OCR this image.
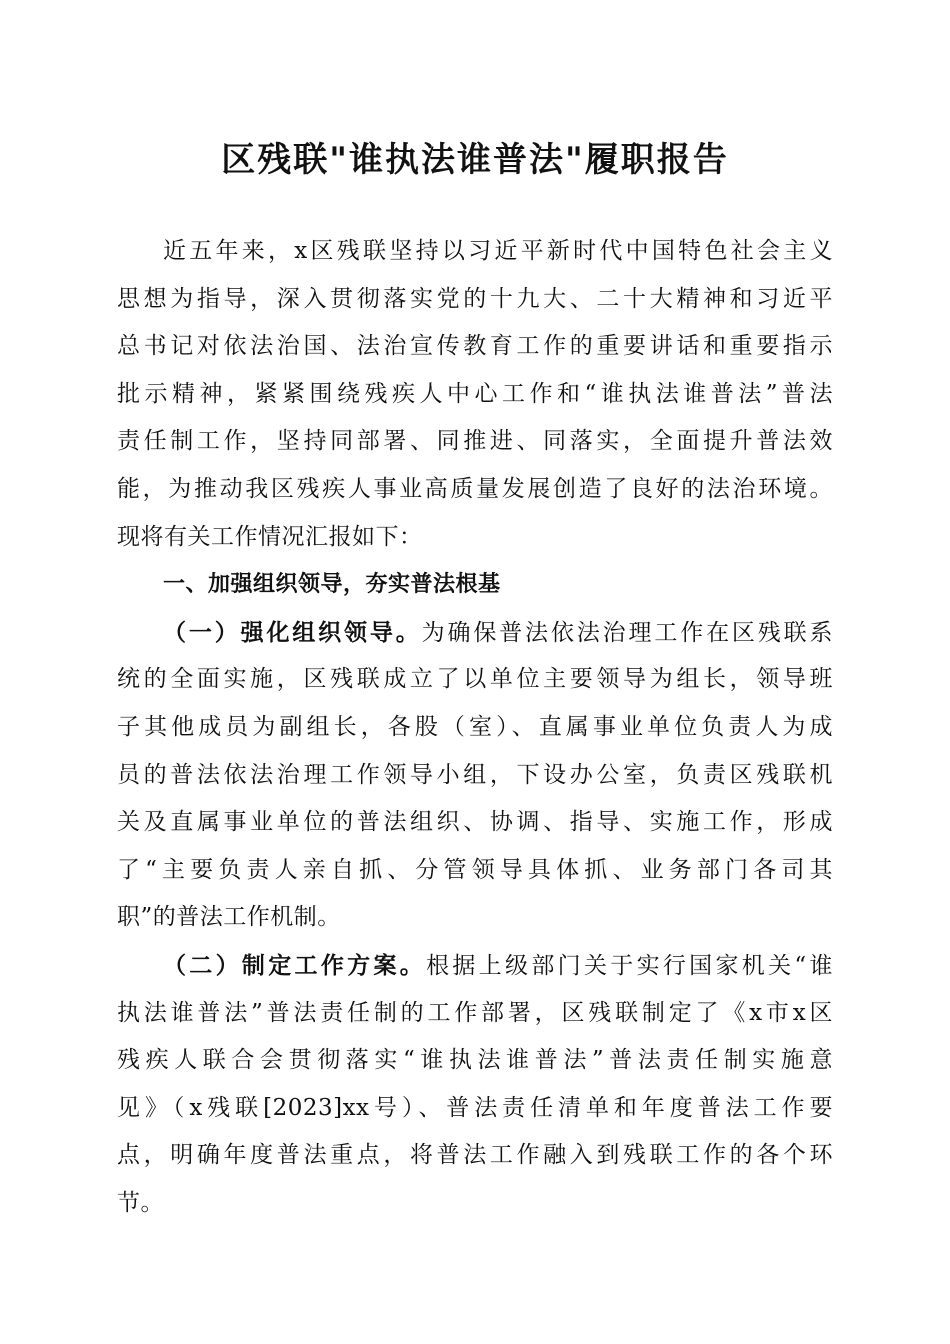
区残联"谁执法谁普法"履职报告
近五年来，x区残联坚持以习近平新时代中国特色社会主义
思想为指导，深入贯彻落实党的十九大、二十大精神和习近平
总书记对依法治国、法治宣传教育工作的重要讲话和重要指示
批示精神，紧紧围绕残疾人中心工作和“谁执法谁普法”普法
责任制工作，坚持同部署、同推进、同落实，全面提升普法效
能，为推动我区残疾人事业高质量发展创造了良好的法治环境。
现将有关工作情况汇报如下：
一、加强组织领导，夯实普法根基
（一）强化组织领导。为确保普法依法治理工作在区残联系
统的全面实施，区残联成立了以单位主要领导为组长，领导班
子其他成员为副组长，各股（室）、直属事业单位负责人为成
员的普法依法治理工作领导小组，下设办公室，负责区残联机
关及直属事业单位的普法组织、协调、指导、实施工作，形成
了“主要负责人亲自抓、分管领导具体抓、业务部门各司其
职”的普法工作机制。
（二）制定工作方案。根据上级部门关于实行国家机关“谁
执法谁普法”普法责任制的工作部署，区残联制定了《x市x区
残疾人联合会贯彻落实“谁执法谁普法”普法责任制实施意
见》（x残联[2023]xx号）、普法责任清单和年度普法工作要
点，明确年度普法重点，将普法工作融入到残联工作的各个环
节。
